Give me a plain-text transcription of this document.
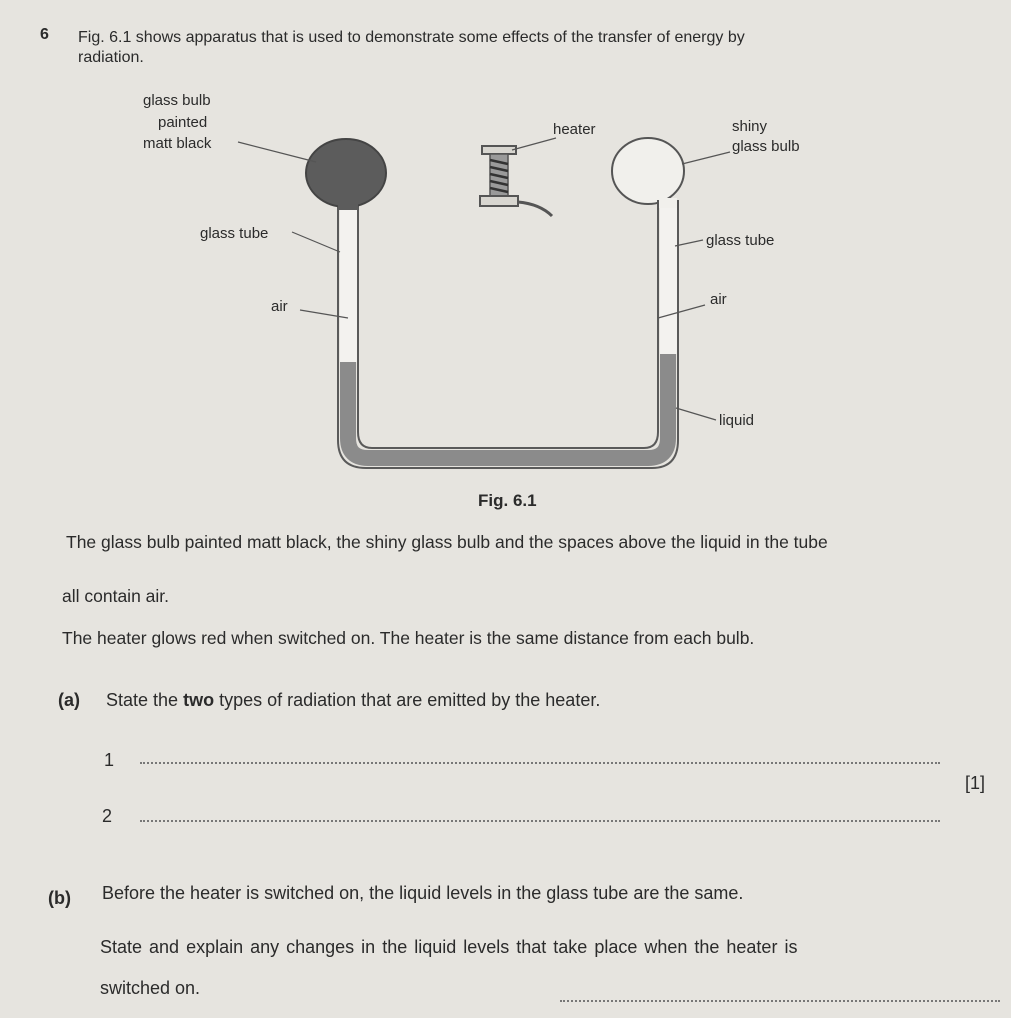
6 Fig. 6.1 shows apparatus that is used to demonstrate some effects of the transfer of energy by
radiation.
glass bulb
painted
matt black
heater	shiny
glass bulb
glass tube	glass tube
air	air
liquid
Fig. 6.1
The glass bulb painted matt black, the shiny glass bulb and the spaces above the liquid in the tube
all contain air.
The heater glows red when switched on. The heater is the same distance from each bulb.
(a) State the two types of radiation that are emitted by the heater.
1
[1]
2
(b) Before the heater is switched on, the liquid levels in the glass tube are the same.
State and explain any changes in the liquid levels that take place when the heater is
switched on.
